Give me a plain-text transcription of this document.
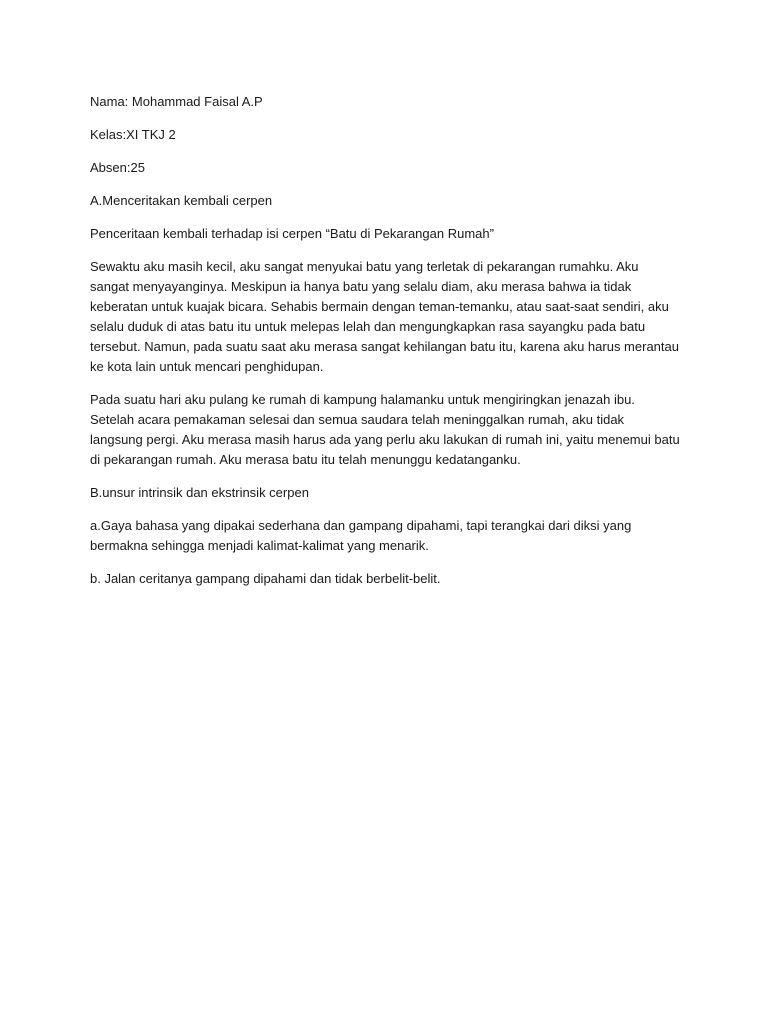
Nama: Mohammad Faisal A.P

Kelas:XI TKJ 2

Absen:25

A.Menceritakan kembali cerpen

Penceritaan kembali terhadap isi cerpen “Batu di Pekarangan Rumah”

Sewaktu aku masih kecil, aku sangat menyukai batu yang terletak di pekarangan rumahku. Aku sangat menyayanginya. Meskipun ia hanya batu yang selalu diam, aku merasa bahwa ia tidak keberatan untuk kuajak bicara. Sehabis bermain dengan teman-temanku, atau saat-saat sendiri, aku selalu duduk di atas batu itu untuk melepas lelah dan mengungkapkan rasa sayangku pada batu tersebut. Namun, pada suatu saat aku merasa sangat kehilangan batu itu, karena aku harus merantau ke kota lain untuk mencari penghidupan.

Pada suatu hari aku pulang ke rumah di kampung halamanku untuk mengiringkan jenazah ibu. Setelah acara pemakaman selesai dan semua saudara telah meninggalkan rumah, aku tidak langsung pergi. Aku merasa masih harus ada yang perlu aku lakukan di rumah ini, yaitu menemui batu di pekarangan rumah. Aku merasa batu itu telah menunggu kedatanganku.

B.unsur intrinsik dan ekstrinsik cerpen

a.Gaya bahasa yang dipakai sederhana dan gampang dipahami, tapi terangkai dari diksi yang bermakna sehingga menjadi kalimat-kalimat yang menarik.

b. Jalan ceritanya gampang dipahami dan tidak berbelit-belit.
